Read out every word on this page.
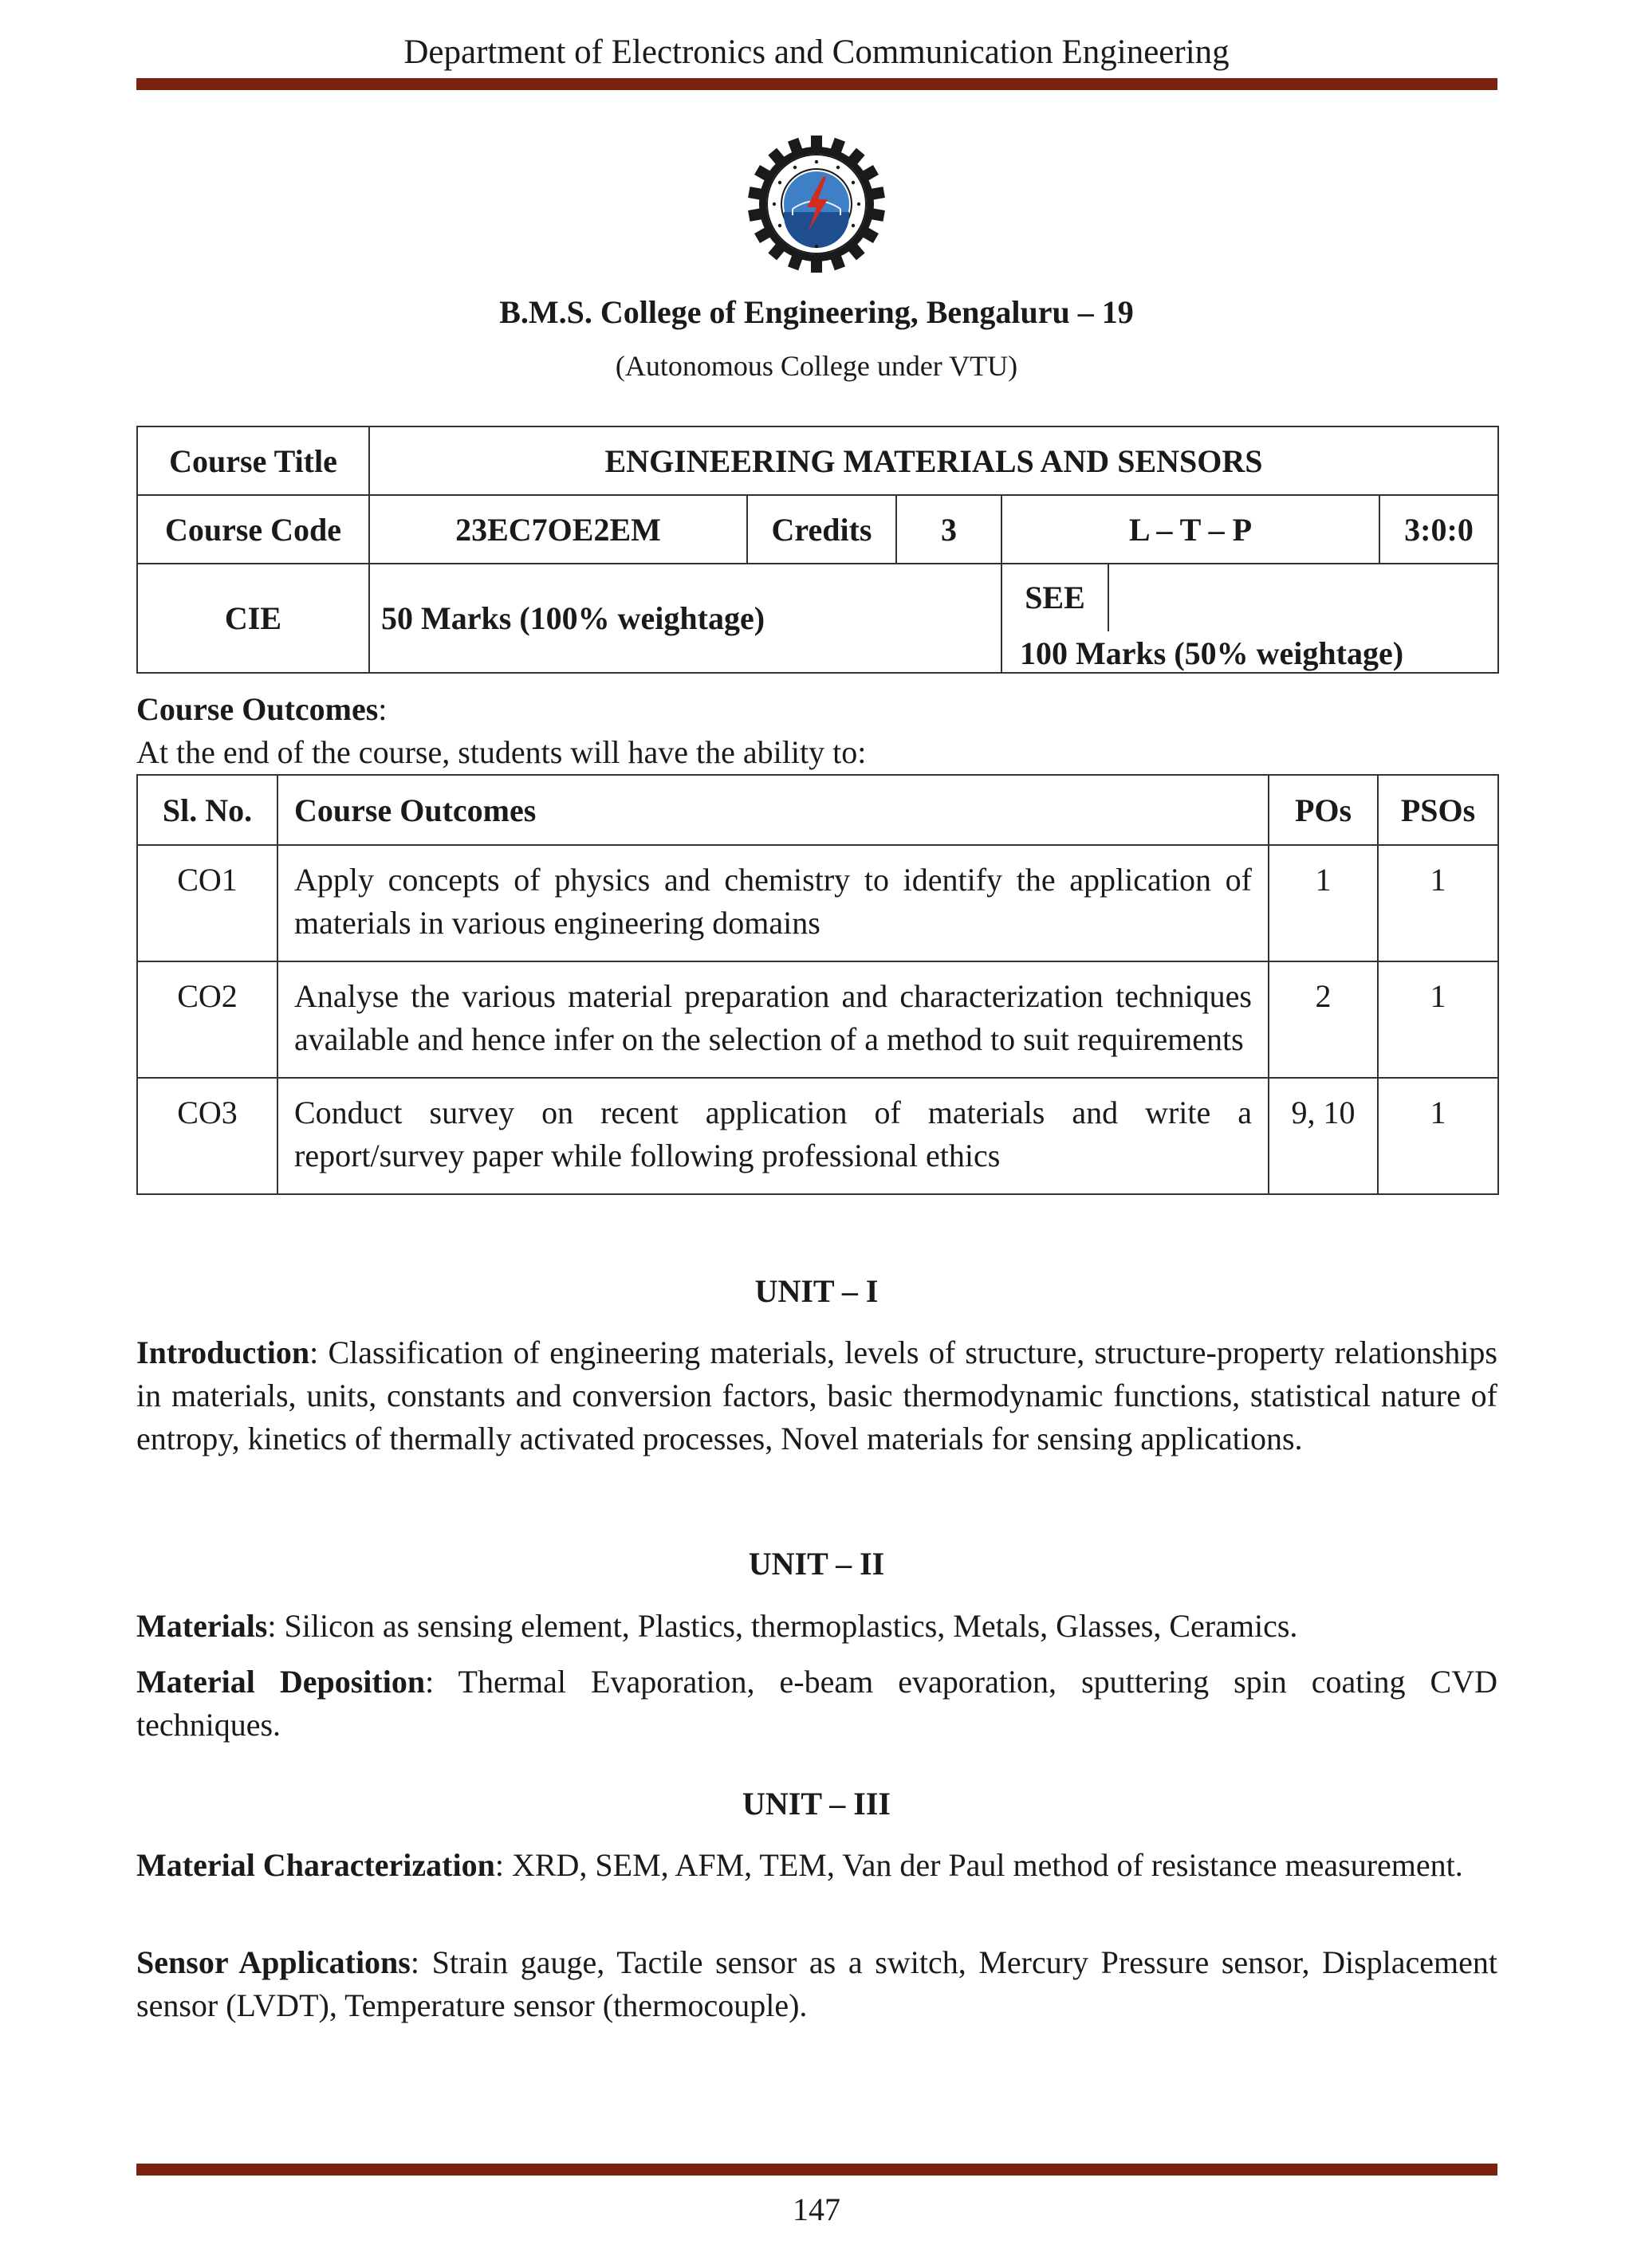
Department of Electronics and Communication Engineering
B.M.S. College of Engineering, Bengaluru – 19
(Autonomous College under VTU)
Course Title	ENGINEERING MATERIALS AND SENSORS				
Course Code	23EC7OE2EM	Credits	3	L – T – P	3:0:0
CIE	50 Marks (100% weightage)			SEE100 Marks (50% weightage)	
Course Outcomes:
At the end of the course, students will have the ability to:
Sl. No.	Course Outcomes	POs	PSOs
CO1	Apply concepts of physics and chemistry to identify the application of materials in various engineering domains	1	1
CO2	Analyse the various material preparation and characterization techniques available and hence infer on the selection of a method to suit requirements	2	1
CO3	Conduct survey on recent application of materials and write a report/survey paper while following professional ethics	9, 10	1
UNIT – I
Introduction: Classification of engineering materials, levels of structure, structure-property relationships in materials, units, constants and conversion factors, basic thermodynamic functions, statistical nature of entropy, kinetics of thermally activated processes, Novel materials for sensing applications.
UNIT – II
Materials: Silicon as sensing element, Plastics, thermoplastics, Metals, Glasses, Ceramics.
Material Deposition: Thermal Evaporation, e-beam evaporation, sputtering spin coating CVD techniques.
UNIT – III
Material Characterization: XRD, SEM, AFM, TEM, Van der Paul method of resistance measurement.
Sensor Applications: Strain gauge, Tactile sensor as a switch, Mercury Pressure sensor, Displacement sensor (LVDT), Temperature sensor (thermocouple).
147
